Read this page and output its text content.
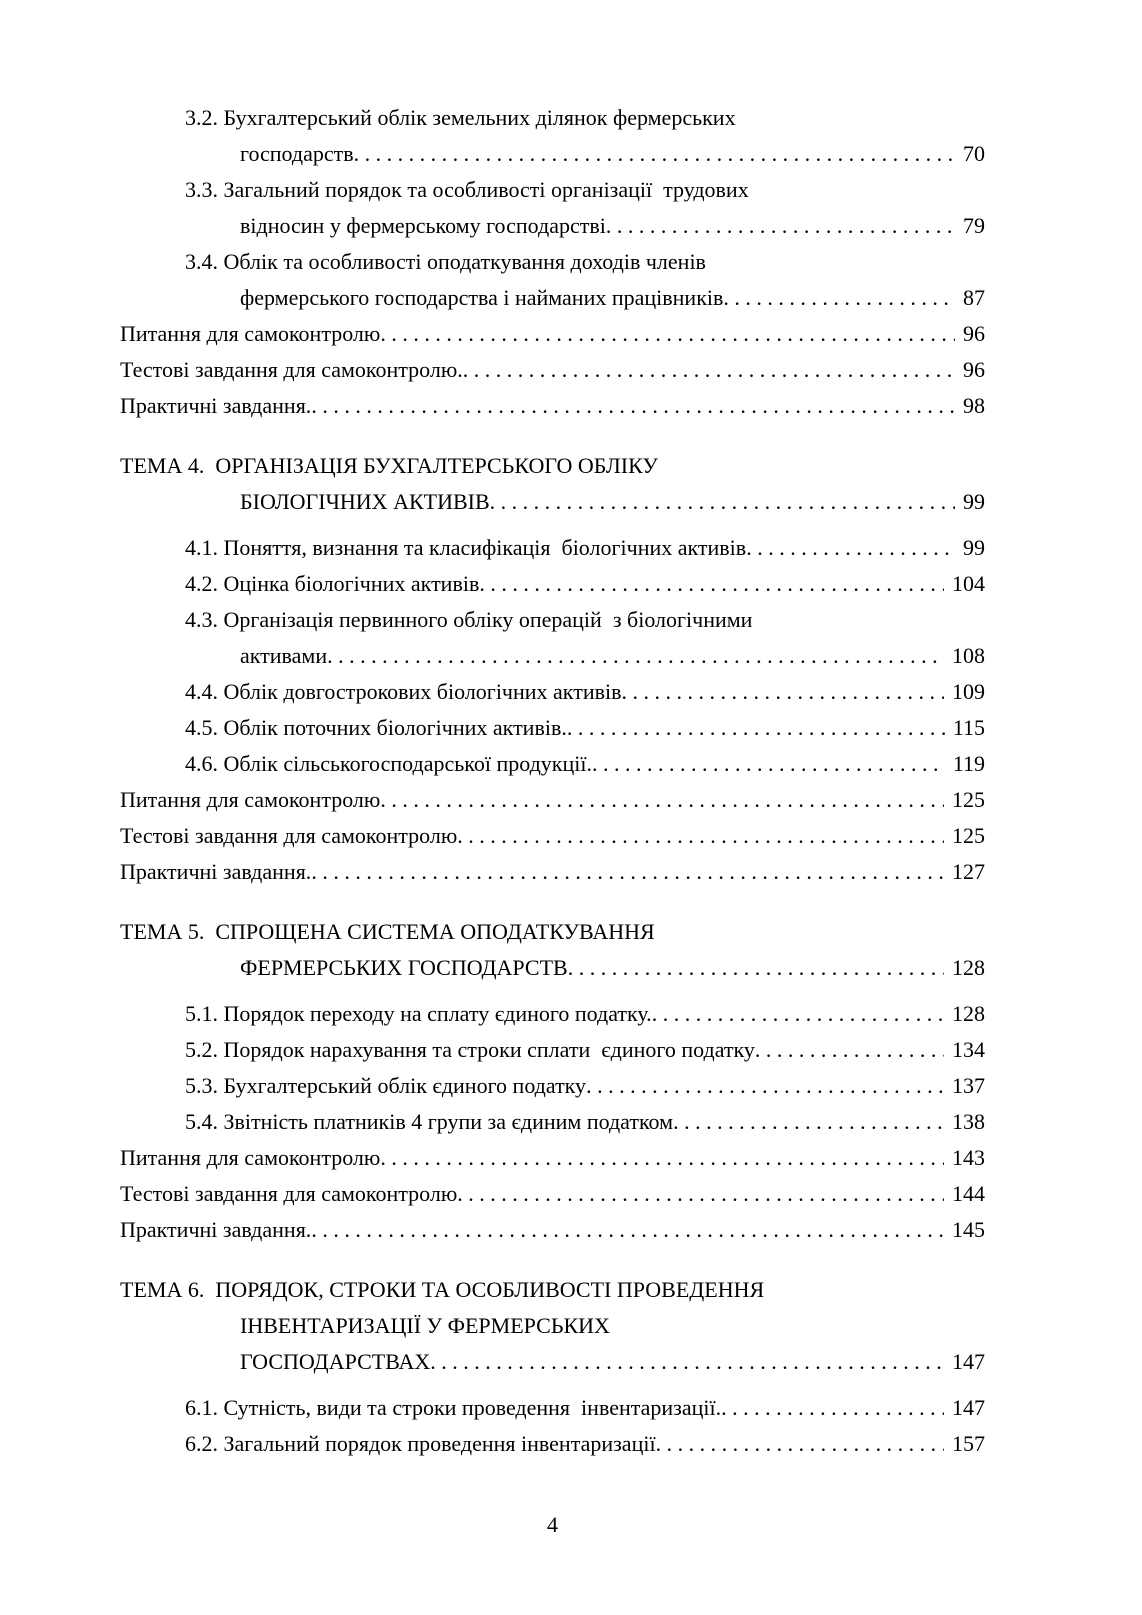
3.2. Бухгалтерський облік земельних ділянок фермерських
господарств . . .	70
3.3. Загальний порядок та особливості організації  трудових
відносин у фермерському господарстві . . .	79
3.4. Облік та особливості оподаткування доходів членів
фермерського господарства і найманих працівників . . .	87
Питання для самоконтролю . . .	96
Тестові завдання для самоконтролю. . . .	96
Практичні завдання. . . .	98
ТЕМА 4.  ОРГАНІЗАЦІЯ БУХГАЛТЕРСЬКОГО ОБЛІКУ
БІОЛОГІЧНИХ АКТИВІВ . . .	99
4.1. Поняття, визнання та класифікація  біологічних активів . . .	99
4.2. Оцінка біологічних активів . . .	104
4.3. Організація первинного обліку операцій  з біологічними
активами . . .	108
4.4. Облік довгострокових біологічних активів . . .	109
4.5. Облік поточних біологічних активів. . . .	115
4.6. Облік сільськогосподарської продукції. . . .	119
Питання для самоконтролю . . .	125
Тестові завдання для самоконтролю . . .	125
Практичні завдання. . . .	127
ТЕМА 5.  СПРОЩЕНА СИСТЕМА ОПОДАТКУВАННЯ
ФЕРМЕРСЬКИХ ГОСПОДАРСТВ . . .	128
5.1. Порядок переходу на сплату єдиного податку. . . .	128
5.2. Порядок нарахування та строки сплати  єдиного податку . . .	134
5.3. Бухгалтерський облік єдиного податку . . .	137
5.4. Звітність платників 4 групи за єдиним податком . . .	138
Питання для самоконтролю . . .	143
Тестові завдання для самоконтролю . . .	144
Практичні завдання. . . .	145
ТЕМА 6.  ПОРЯДОК, СТРОКИ ТА ОСОБЛИВОСТІ ПРОВЕДЕННЯ
ІНВЕНТАРИЗАЦІЇ У ФЕРМЕРСЬКИХ
ГОСПОДАРСТВАХ . . .	147
6.1. Сутність, види та строки проведення  інвентаризації. . . .	147
6.2. Загальний порядок проведення інвентаризації . . .	157
4
